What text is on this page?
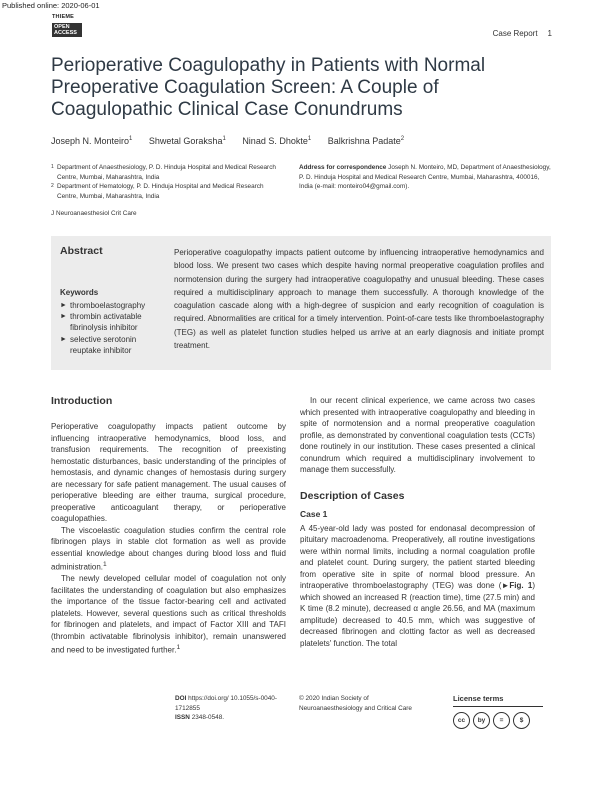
Published online: 2020-06-01
THIEME
OPEN ACCESS	Case Report 1
Perioperative Coagulopathy in Patients with Normal Preoperative Coagulation Screen: A Couple of Coagulopathic Clinical Case Conundrums
Joseph N. Monteiro$^1$ Shwetal Goraksha$^1$ Ninad S. Dhokte$^1$ Balkrishna Padate$^2$
1 Department of Anaesthesiology, P. D. Hinduja Hospital and Medical Research Centre, Mumbai, Maharashtra, India
2 Department of Hematology, P. D. Hinduja Hospital and Medical Research Centre, Mumbai, Maharashtra, India
Address for correspondence Joseph N. Monteiro, MD, Department of Anaesthesiology, P. D. Hinduja Hospital and Medical Research Centre, Mumbai, Maharashtra, 400016, India (e-mail: monteiro04@gmail.com).
J Neuroanaesthesiol Crit Care
Abstract
Keywords
► thromboelastography
► thrombin activatable fibrinolysis inhibitor
► selective serotonin reuptake inhibitor
Perioperative coagulopathy impacts patient outcome by influencing intraoperative hemodynamics and blood loss. We present two cases which despite having normal preoperative coagulation profiles and normotension during the surgery had intraoperative coagulopathy and unusual bleeding. These cases required a multidisciplinary approach to manage them successfully. A thorough knowledge of the coagulation cascade along with a high-degree of suspicion and early recognition of coagulation is required. Abnormalities are critical for a timely intervention. Point-of-care tests like thromboelastography (TEG) as well as platelet function studies helped us arrive at an early diagnosis and initiate prompt treatment.
Introduction

Perioperative coagulopathy impacts patient outcome by influencing intraoperative hemodynamics, blood loss, and transfusion requirements. The recognition of preexisting hemostatic disturbances, basic understanding of the principles of hemostasis, and dynamic changes of hemostasis during surgery are necessary for safe patient management. The usual causes of perioperative bleeding are either trauma, surgical procedure, preoperative anticoagulant therapy, or perioperative coagulopathies.

The viscoelastic coagulation studies confirm the central role fibrinogen plays in stable clot formation as well as provide essential knowledge about changes during blood loss and fluid administration.$^1$

The newly developed cellular model of coagulation not only facilitates the understanding of coagulation but also emphasizes the importance of the tissue factor-bearing cell and activated platelets. However, several questions such as critical thresholds for fibrinogen and platelets, and impact of Factor XIII and TAFI (thrombin activatable fibrinolysis inhibitor), remain unanswered and need to be investigated further.$^1$

In our recent clinical experience, we came across two cases which presented with intraoperative coagulopathy and bleeding in spite of normotension and a normal preoperative coagulation profile, as demonstrated by conventional coagulation tests (CCTs) done routinely in our institution. These cases presented a clinical conundrum which required a multidisciplinary involvement to manage them successfully.

Description of Cases
Case 1

A 45-year-old lady was posted for endonasal decompression of pituitary macroadenoma. Preoperatively, all routine investigations were within normal limits, including a normal coagulation profile and platelet count. During surgery, the patient started bleeding from operative site in spite of normal blood pressure. An intraoperative thromboelastography (TEG) was done (►Fig. 1) which showed an increased R (reaction time), time (27.5 min) and K time (8.2 minute), decreased α angle 26.56, and MA (maximum amplitude) decreased to 40.5 mm, which was suggestive of decreased fibrinogen and clotting factor as well as decreased platelets' function. The total

DOI https://doi.org/ 10.1055/s-0040-1712855
ISSN 2348-0548.
© 2020 Indian Society of Neuroanaesthesiology and Critical Care
License terms
cc	by	=	$
